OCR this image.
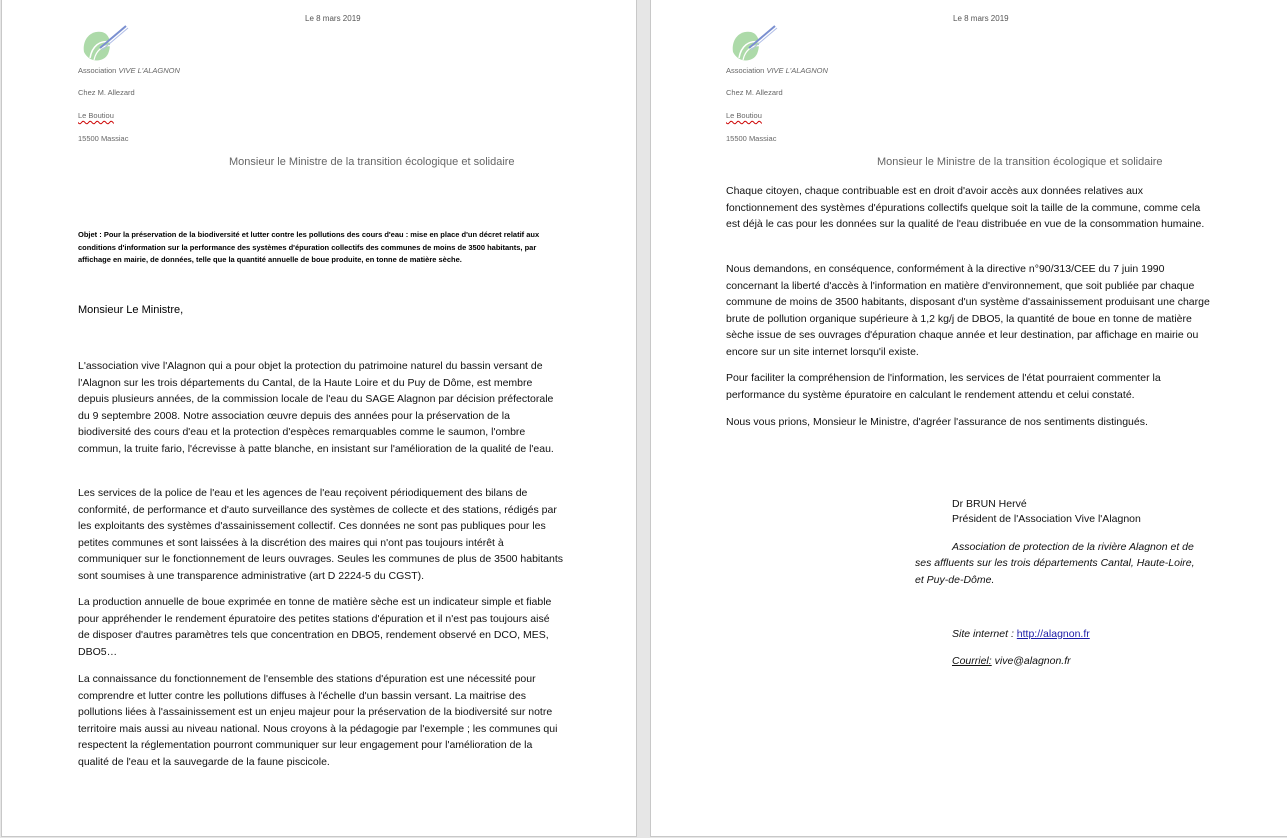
Le 8 mars 2019
Association VIVE L'ALAGNON
Chez M. Allezard
Le Boutiou
15500 Massiac
Monsieur le Ministre de la transition écologique et solidaire
Objet : Pour la préservation de la biodiversité et lutter contre les pollutions des cours d'eau : mise en place d'un décret relatif aux conditions d'information sur la performance des systèmes d'épuration collectifs des communes de moins de 3500 habitants, par affichage en mairie, de données, telle que la quantité annuelle de boue produite, en tonne de matière sèche.
Monsieur Le Ministre,

L'association vive l'Alagnon qui a pour objet la protection du patrimoine naturel du bassin versant de l'Alagnon sur les trois départements du Cantal, de la Haute Loire et du Puy de Dôme, est membre depuis plusieurs années, de la commission locale de l'eau du SAGE Alagnon par décision préfectorale du 9 septembre 2008. Notre association œuvre depuis des années pour la préservation de la biodiversité des cours d'eau et la protection d'espèces remarquables comme le saumon, l'ombre commun, la truite fario, l'écrevisse à patte blanche, en insistant sur l'amélioration de la qualité de l'eau.

Les services de la police de l'eau et les agences de l'eau reçoivent périodiquement des bilans de conformité, de performance et d'auto surveillance des systèmes de collecte et des stations, rédigés par les exploitants des systèmes d'assainissement collectif. Ces données ne sont pas publiques pour les petites communes et sont laissées à la discrétion des maires qui n'ont pas toujours intérêt à communiquer sur le fonctionnement de leurs ouvrages. Seules les communes de plus de 3500 habitants sont soumises à une transparence administrative (art D 2224-5 du CGST).

La production annuelle de boue exprimée en tonne de matière sèche est un indicateur simple et fiable pour appréhender le rendement épuratoire des petites stations d'épuration et il n'est pas toujours aisé de disposer d'autres paramètres tels que concentration en DBO5, rendement observé en DCO, MES, DBO5…

La connaissance du fonctionnement de l'ensemble des stations d'épuration est une nécessité pour comprendre et lutter contre les pollutions diffuses à l'échelle d'un bassin versant. La maitrise des pollutions liées à l'assainissement est un enjeu majeur pour la préservation de la biodiversité sur notre territoire mais aussi au niveau national. Nous croyons à la pédagogie par l'exemple ; les communes qui respectent la réglementation pourront communiquer sur leur engagement pour l'amélioration de la qualité de l'eau et la sauvegarde de la faune piscicole.

Le 8 mars 2019
Association VIVE L'ALAGNON
Chez M. Allezard
Le Boutiou
15500 Massiac
Monsieur le Ministre de la transition écologique et solidaire

Chaque citoyen, chaque contribuable est en droit d'avoir accès aux données relatives aux fonctionnement des systèmes d'épurations collectifs quelque soit la taille de la commune, comme cela est déjà le cas pour les données sur la qualité de l'eau distribuée en vue de la consommation humaine.

Nous demandons, en conséquence, conformément à la directive n°90/313/CEE du 7 juin 1990 concernant la liberté d'accès à l'information en matière d'environnement, que soit publiée par chaque commune de moins de 3500 habitants, disposant d'un système d'assainissement produisant une charge brute de pollution organique supérieure à 1,2 kg/j de DBO5, la quantité de boue en tonne de matière sèche issue de ses ouvrages d'épuration chaque année et leur destination, par affichage en mairie ou encore sur un site internet lorsqu'il existe.

Pour faciliter la compréhension de l'information, les services de l'état pourraient commenter la performance du système épuratoire en calculant le rendement attendu et celui constaté.

Nous vous prions, Monsieur le Ministre, d'agréer l'assurance de nos sentiments distingués.

Dr BRUN Hervé
Président de l'Association Vive l'Alagnon
Association de protection de la rivière Alagnon et de
ses affluents sur les trois départements Cantal, Haute-Loire,
et Puy-de-Dôme.
Site internet : http://alagnon.fr
Courriel: vive@alagnon.fr
